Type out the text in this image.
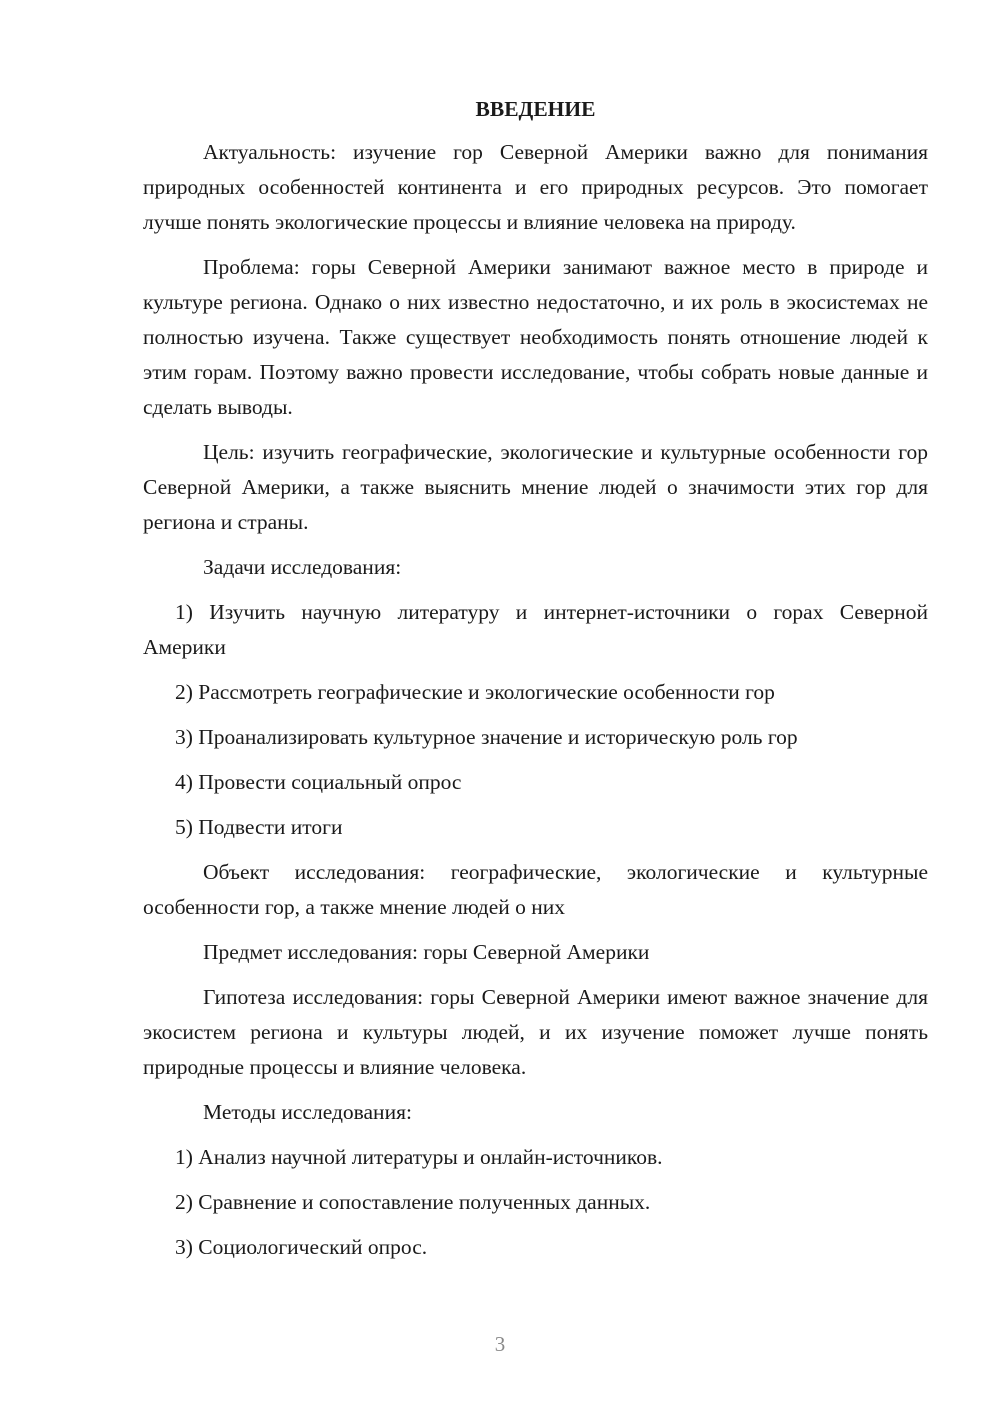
ВВЕДЕНИЕ

Актуальность: изучение гор Северной Америки важно для понимания природных особенностей континента и его природных ресурсов. Это помогает лучше понять экологические процессы и влияние человека на природу.

Проблема: горы Северной Америки занимают важное место в природе и культуре региона. Однако о них известно недостаточно, и их роль в экосистемах не полностью изучена. Также существует необходимость понять отношение людей к этим горам. Поэтому важно провести исследование, чтобы собрать новые данные и сделать выводы.

Цель: изучить географические, экологические и культурные особенности гор Северной Америки, а также выяснить мнение людей о значимости этих гор для региона и страны.

Задачи исследования:

1) Изучить научную литературу и интернет-источники о горах Северной Америки

2) Рассмотреть географические и экологические особенности гор

3) Проанализировать культурное значение и историческую роль гор

4) Провести социальный опрос

5) Подвести итоги

Объект исследования: географические, экологические и культурные особенности гор, а также мнение людей о них

Предмет исследования: горы Северной Америки

Гипотеза исследования: горы Северной Америки имеют важное значение для экосистем региона и культуры людей, и их изучение поможет лучше понять природные процессы и влияние человека.

Методы исследования:

1) Анализ научной литературы и онлайн-источников.

2) Сравнение и сопоставление полученных данных.

3) Социологический опрос.

3
